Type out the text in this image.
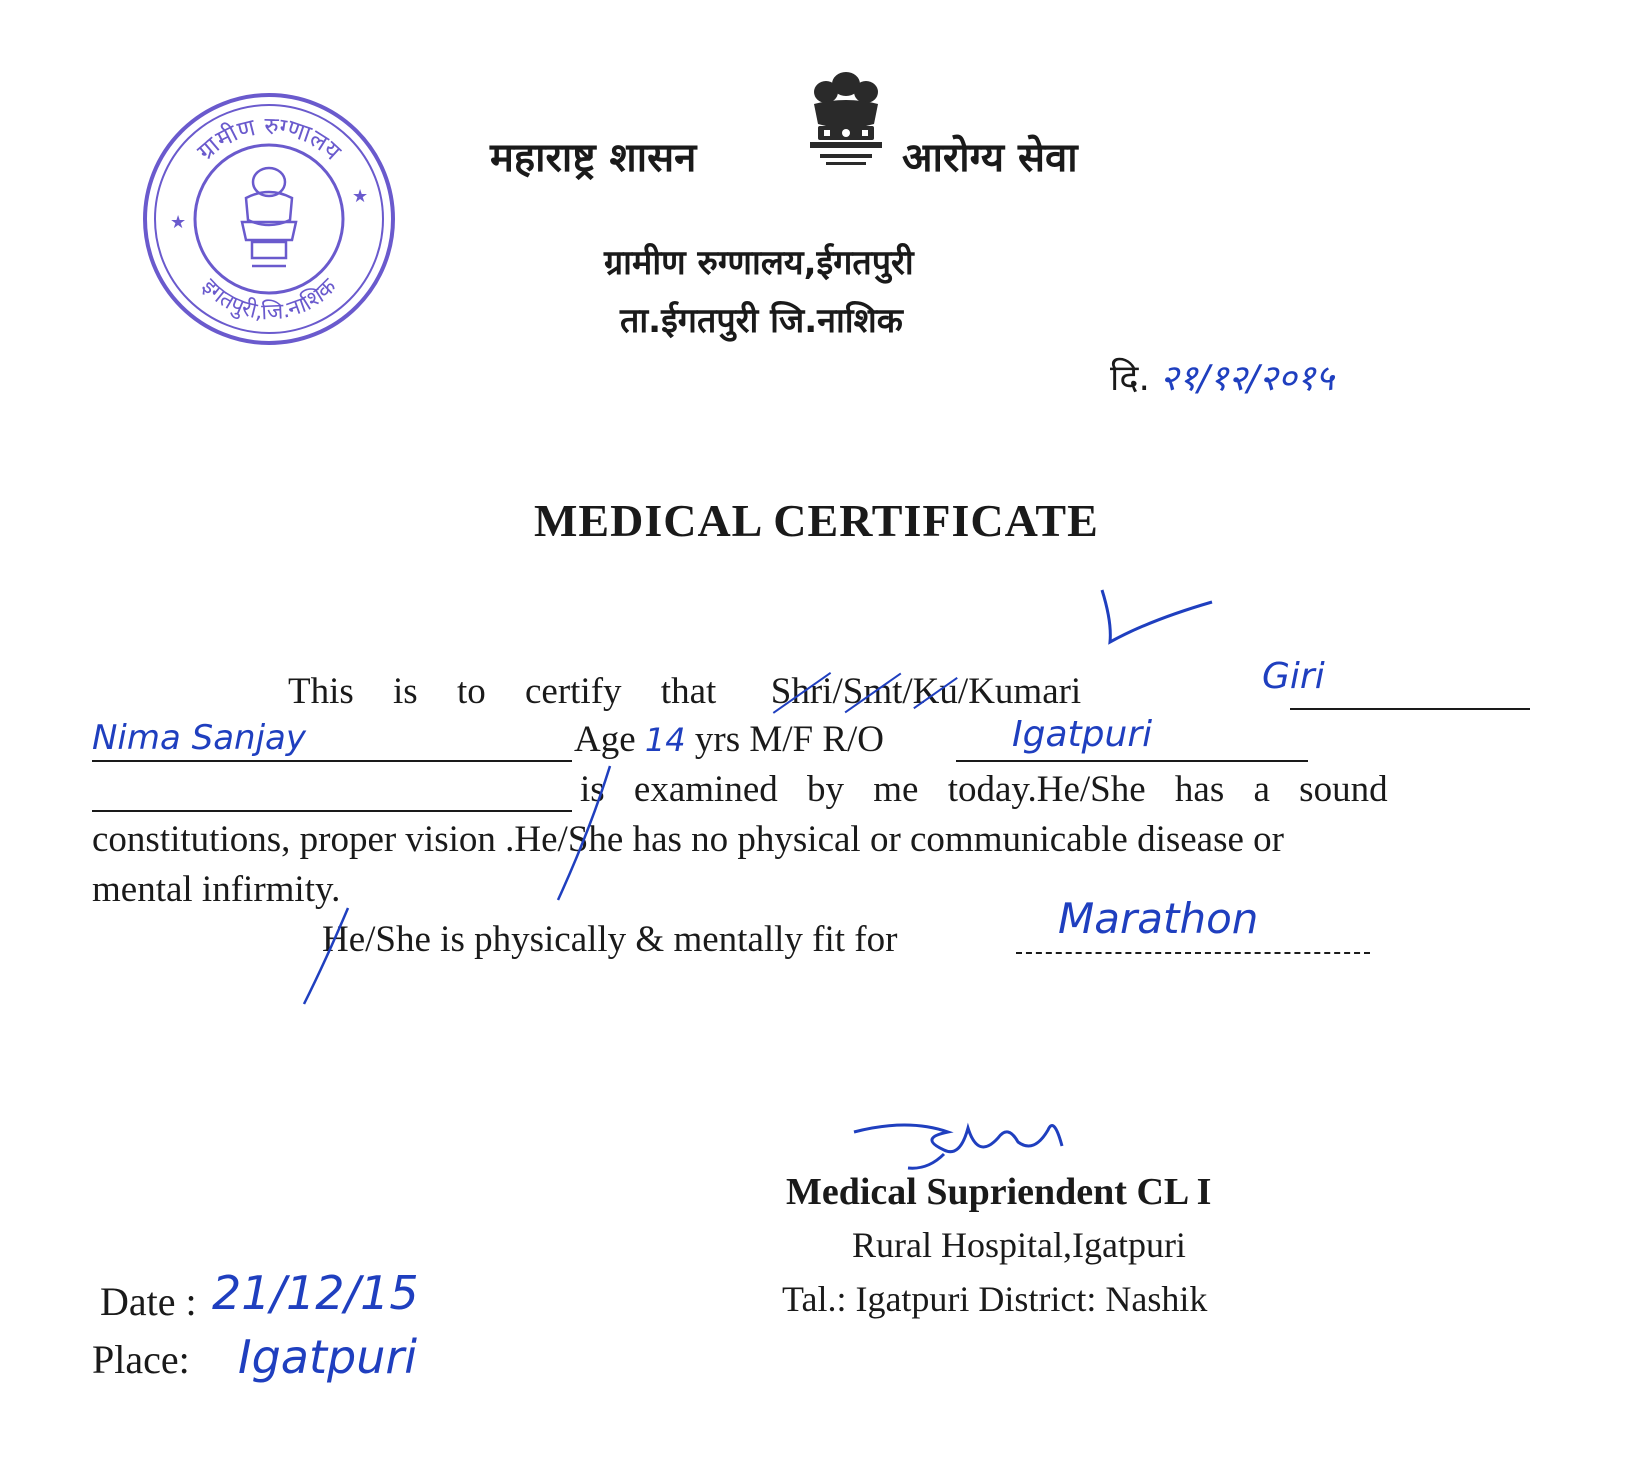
ग्रामीण रुग्णालय
इगतपुरी,जि.नाशिक
★
★
महाराष्ट्र शासन	आरोग्य सेवा
ग्रामीण रुग्णालय,ईगतपुरी
ता.ईगतपुरी जि.नाशिक
दि. २१/१२/२०१५
MEDICAL CERTIFICATE
This is to certify that Shri/Smt/Ku/Kumari	Giri
Nima Sanjay	Age 14 yrs M/F R/O	Igatpuri
is examined by me today.He/She has a sound
constitutions, proper vision .He/She has no physical or communicable disease or
mental infirmity.
He/She is physically & mentally fit for	Marathon
Medical Supriendent CL I
Rural Hospital,Igatpuri
Tal.: Igatpuri District: Nashik
Date : 21/12/15
Place: Igatpuri
